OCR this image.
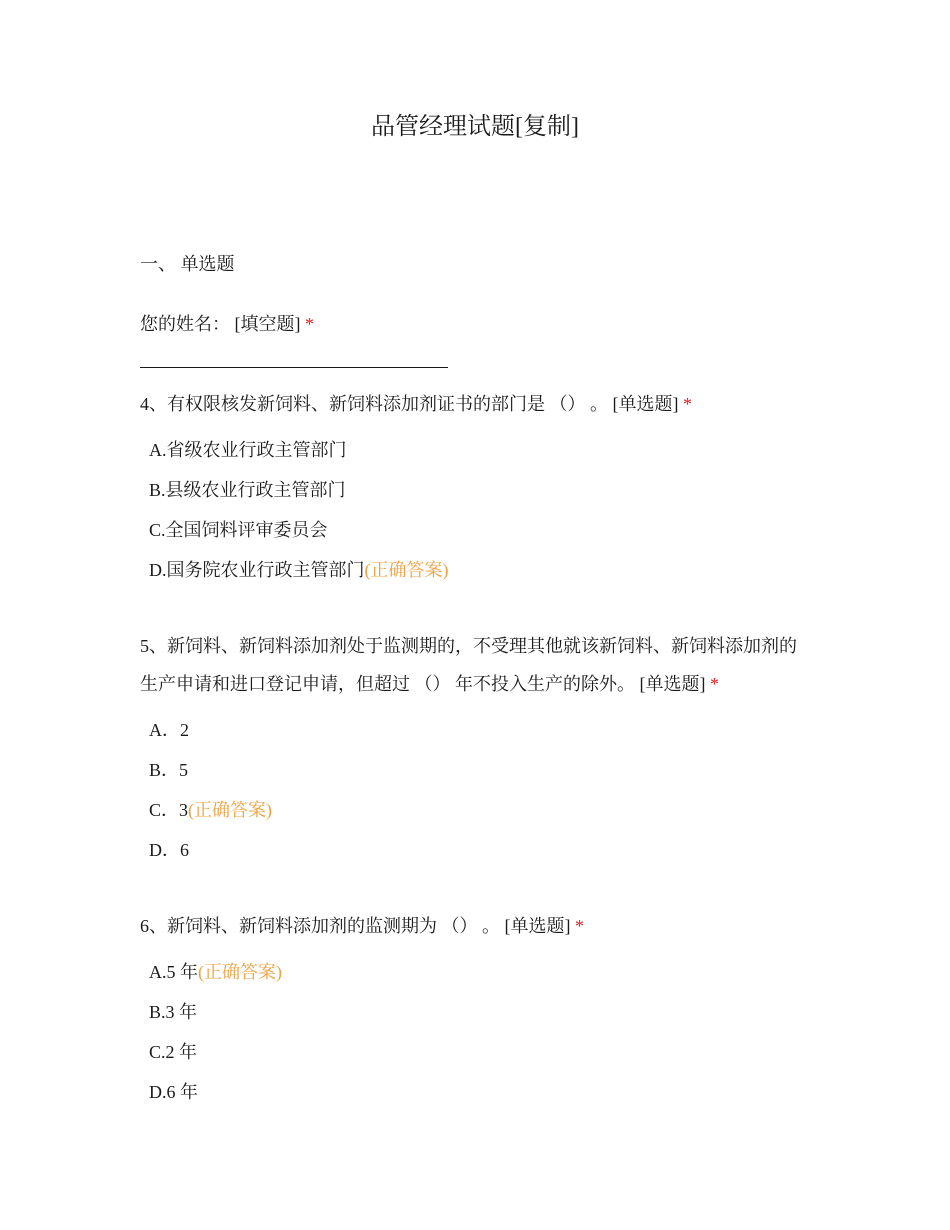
品管经理试题[复制]
一、 单选题
您的姓名： [填空题] *
4、有权限核发新饲料、新饲料添加剂证书的部门是 （） 。 [单选题] *
A.省级农业行政主管部门
B.县级农业行政主管部门
C.全国饲料评审委员会
D.国务院农业行政主管部门(正确答案)
5、新饲料、新饲料添加剂处于监测期的，不受理其他就该新饲料、新饲料添加剂的生产申请和进口登记申请，但超过 （） 年不投入生产的除外。 [单选题] *
A．2
B．5
C．3(正确答案)
D．6
6、新饲料、新饲料添加剂的监测期为 （） 。 [单选题] *
A.5 年(正确答案)
B.3 年
C.2 年
D.6 年
